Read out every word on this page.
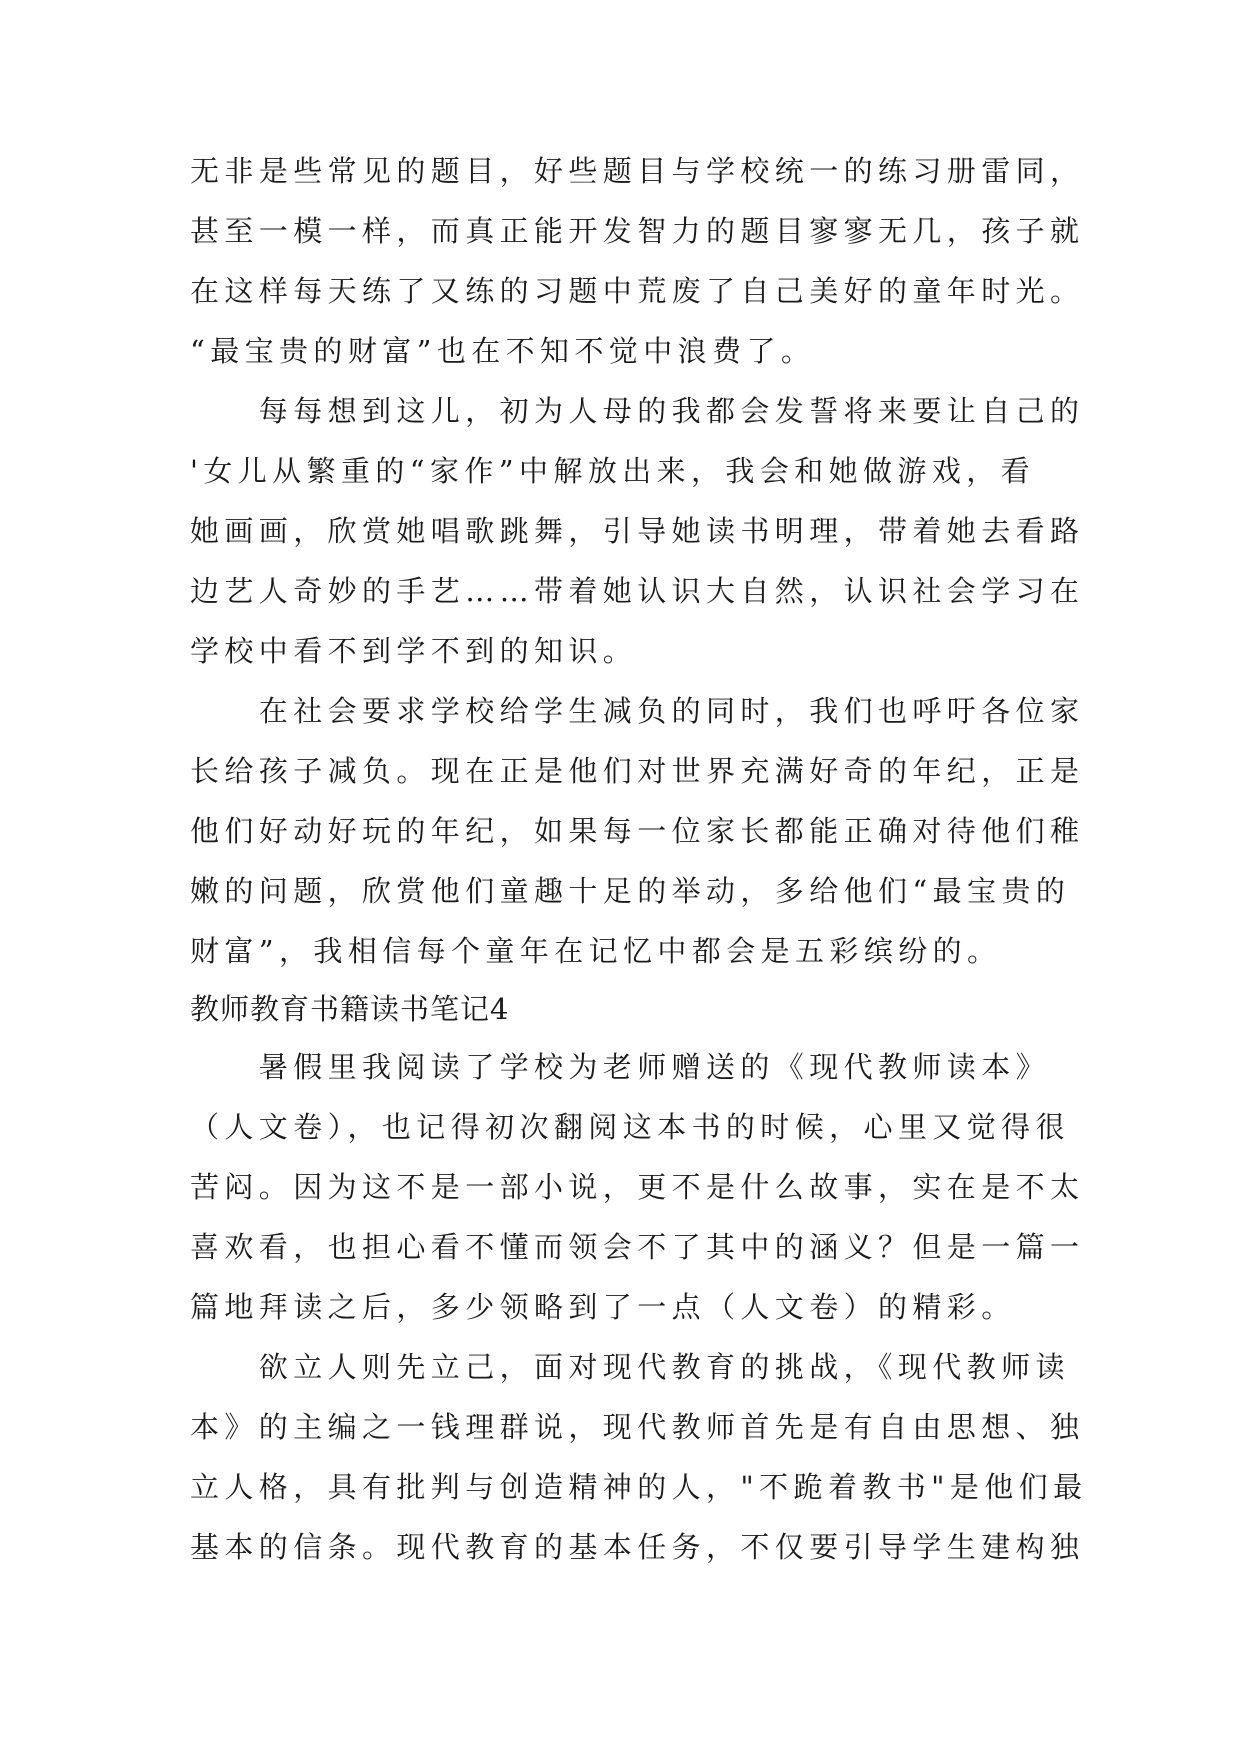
无非是些常见的题目，好些题目与学校统一的练习册雷同，
甚至一模一样，而真正能开发智力的题目寥寥无几，孩子就
在这样每天练了又练的习题中荒废了自己美好的童年时光。
“最宝贵的财富”也在不知不觉中浪费了。
　　每每想到这儿，初为人母的我都会发誓将来要让自己的
'女儿从繁重的“家作”中解放出来，我会和她做游戏，看
她画画，欣赏她唱歌跳舞，引导她读书明理，带着她去看路
边艺人奇妙的手艺……带着她认识大自然，认识社会学习在
学校中看不到学不到的知识。
　　在社会要求学校给学生减负的同时，我们也呼吁各位家
长给孩子减负。现在正是他们对世界充满好奇的年纪，正是
他们好动好玩的年纪，如果每一位家长都能正确对待他们稚
嫩的问题，欣赏他们童趣十足的举动，多给他们“最宝贵的
财富”，我相信每个童年在记忆中都会是五彩缤纷的。
教师教育书籍读书笔记4
　　暑假里我阅读了学校为老师赠送的《现代教师读本》
（人文卷），也记得初次翻阅这本书的时候，心里又觉得很
苦闷。因为这不是一部小说，更不是什么故事，实在是不太
喜欢看，也担心看不懂而领会不了其中的涵义？但是一篇一
篇地拜读之后，多少领略到了一点（人文卷）的精彩。
　　欲立人则先立己，面对现代教育的挑战，《现代教师读
本》的主编之一钱理群说，现代教师首先是有自由思想、独
立人格，具有批判与创造精神的人，"不跪着教书"是他们最
基本的信条。现代教育的基本任务，不仅要引导学生建构独
